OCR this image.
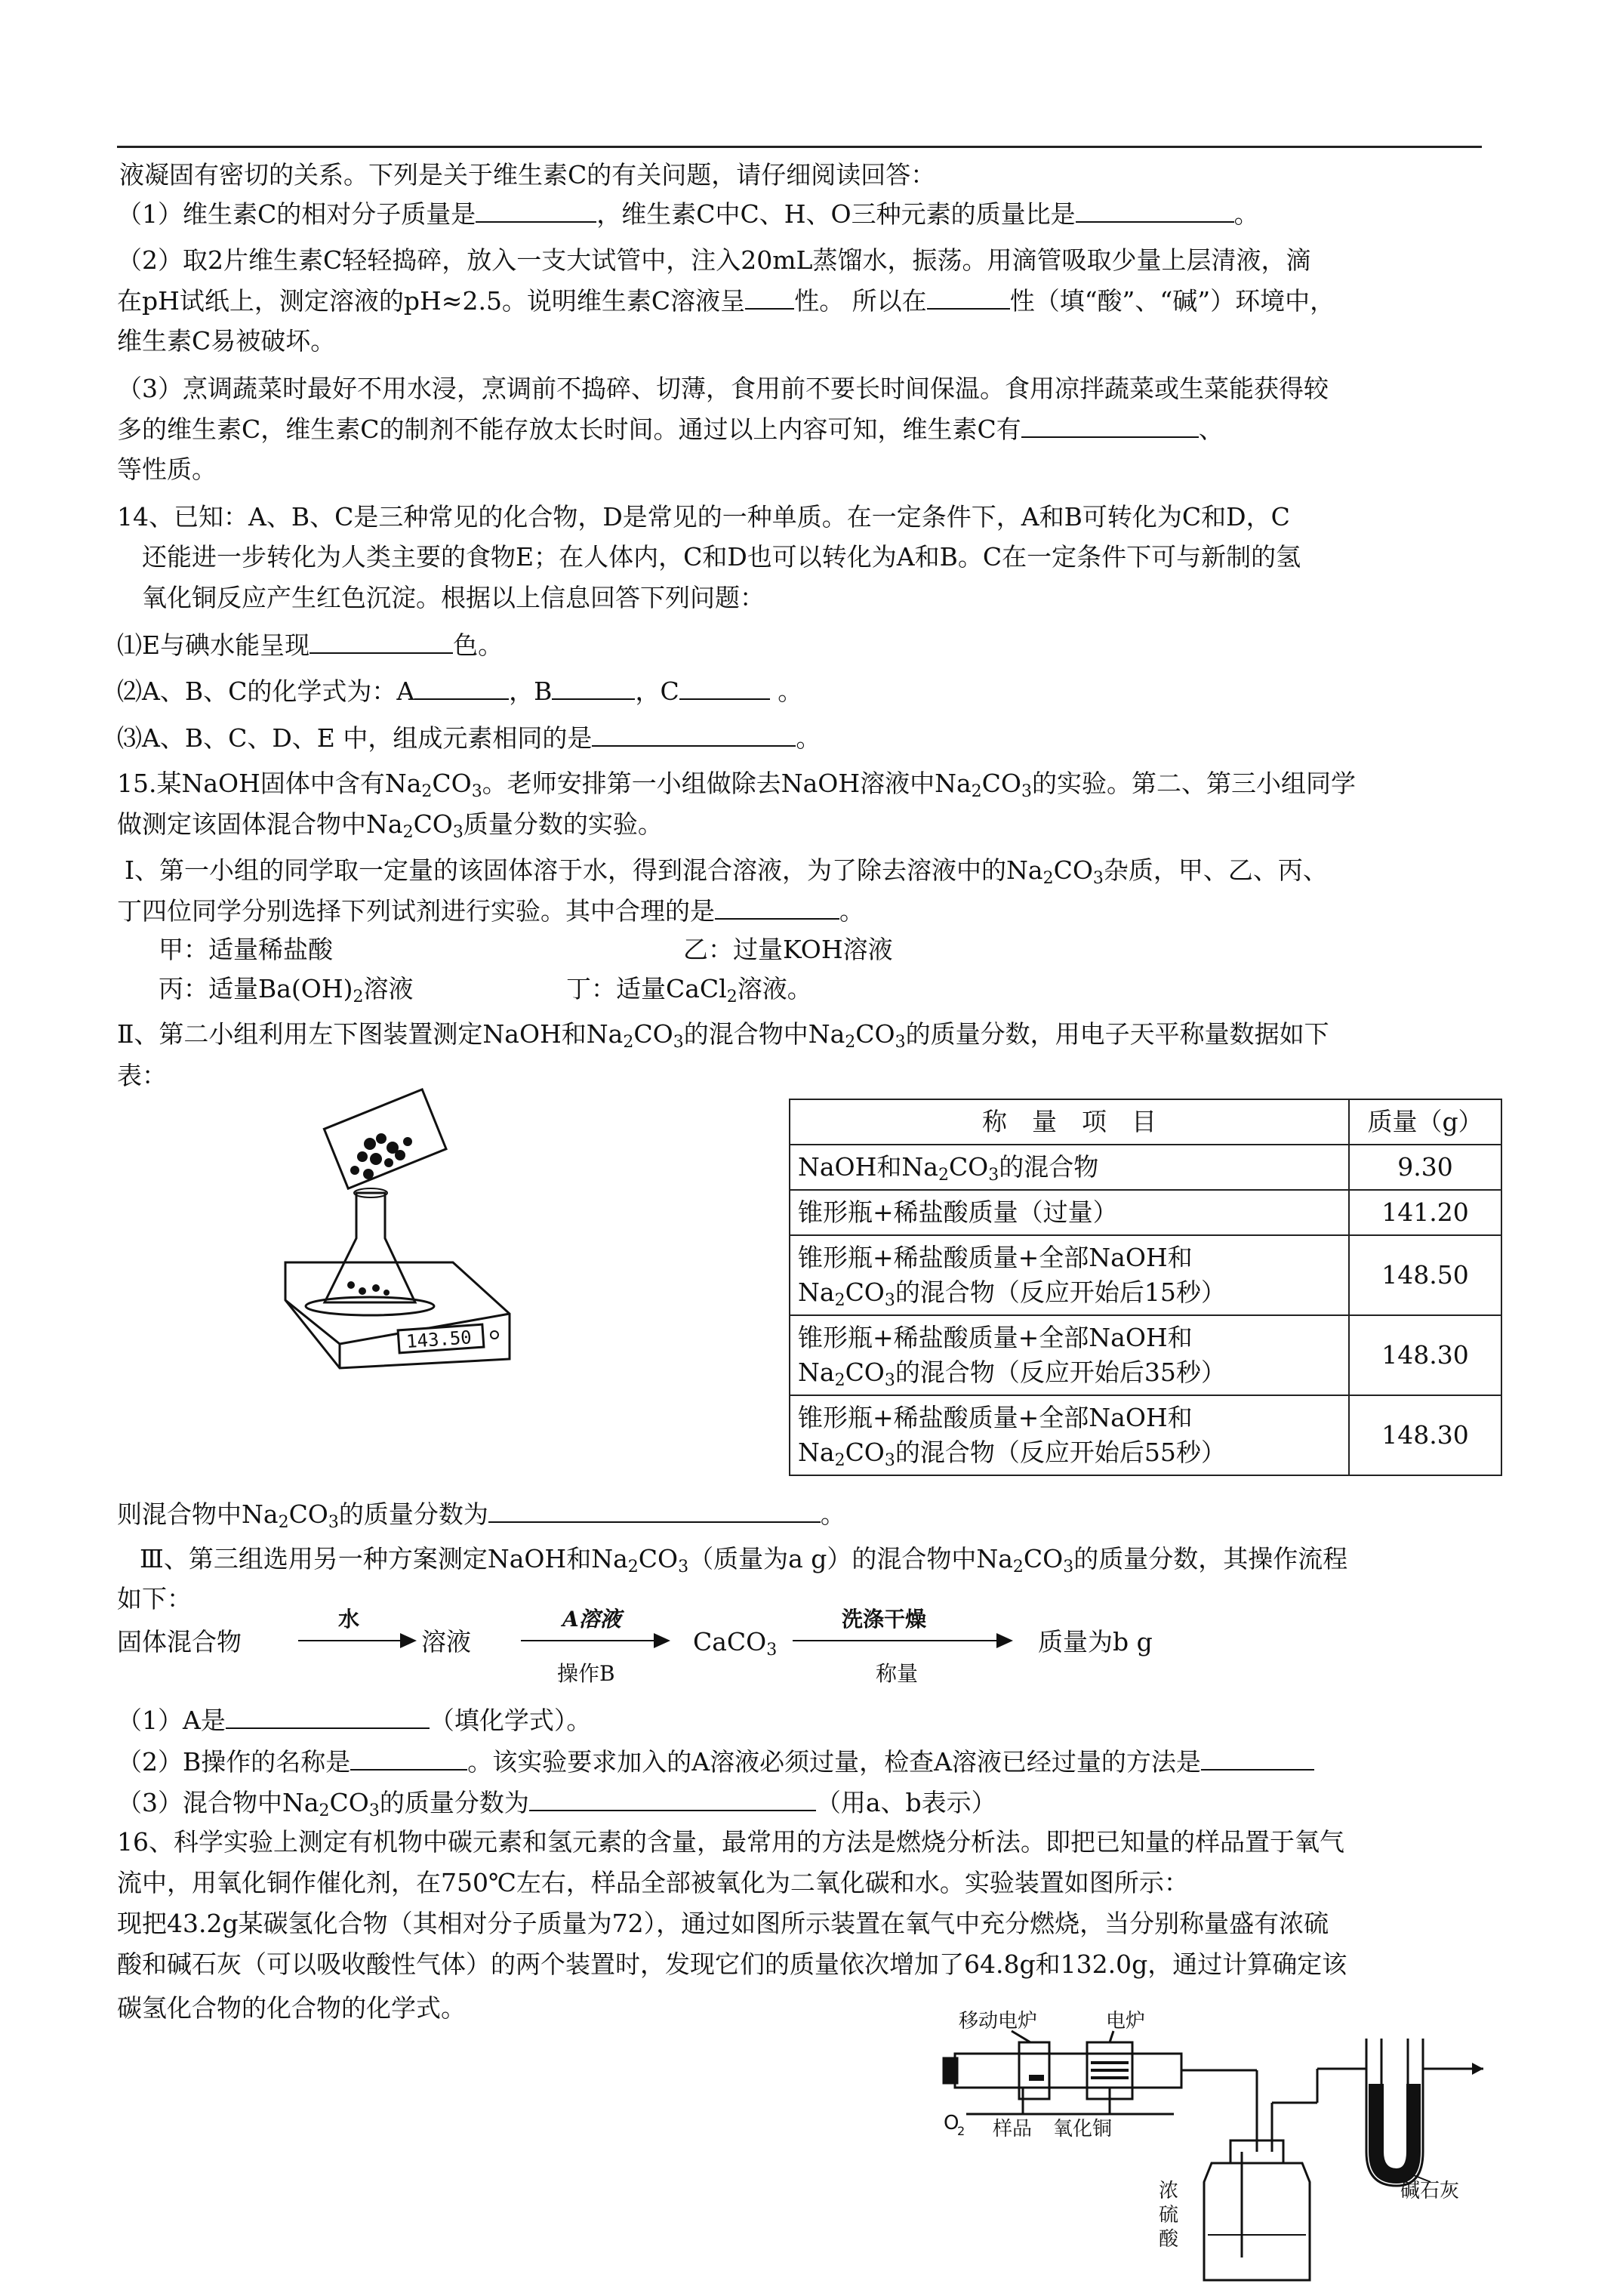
液凝固有密切的关系。下列是关于维生素C的有关问题，请仔细阅读回答：
（1）维生素C的相对分子质量是	，维生素C中C、H、O三种元素的质量比是	。
（2）取2片维生素C轻轻捣碎，放入一支大试管中，注入20mL蒸馏水，振荡。用滴管吸取少量上层清液，滴
在pH试纸上，测定溶液的pH≈2.5。说明维生素C溶液呈 性。 所以在	性（填“酸”、“碱”）环境中，
维生素C易被破坏。
（3）烹调蔬菜时最好不用水浸，烹调前不捣碎、切薄，食用前不要长时间保温。食用凉拌蔬菜或生菜能获得较
多的维生素C，维生素C的制剂不能存放太长时间。通过以上内容可知，维生素C有	、
等性质。
14、已知：A、B、C是三种常见的化合物，D是常见的一种单质。在一定条件下，A和B可转化为C和D，C
还能进一步转化为人类主要的食物E；在人体内，C和D也可以转化为A和B。C在一定条件下可与新制的氢
氧化铜反应产生红色沉淀。根据以上信息回答下列问题：
⑴E与碘水能呈现	色。
⑵A、B、C的化学式为：A	，B	，C	。
⑶A、B、C、D、E 中，组成元素相同的是	。
15.某NaOH固体中含有$Na_2CO_3$。老师安排第一小组做除去NaOH溶液中$Na_2CO_3$的实验。第二、第三小组同学
做测定该固体混合物中$Na_2CO_3$质量分数的实验。
Ⅰ、第一小组的同学取一定量的该固体溶于水，得到混合溶液，为了除去溶液中的$Na_2CO_3$杂质，甲、乙、丙、
丁四位同学分别选择下列试剂进行实验。其中合理的是	。
甲：适量稀盐酸	乙：过量KOH溶液
丙：适量$Ba(OH)_2$溶液	丁：适量CaCl$_2$溶液。
Ⅱ、第二小组利用左下图装置测定NaOH和$Na_2CO_3$的混合物中$Na_2CO_3$的质量分数，用电子天平称量数据如下
表：
143.50
称　量　项　目	质量（g）
NaOH和$Na_2CO_3$的混合物	9.30
锥形瓶+稀盐酸质量（过量）	141.20
锥形瓶+稀盐酸质量+全部NaOH和
$Na_2CO_3$的混合物（反应开始后15秒）	148.50
锥形瓶+稀盐酸质量+全部NaOH和
$Na_2CO_3$的混合物（反应开始后35秒）	148.30
锥形瓶+稀盐酸质量+全部NaOH和
$Na_2CO_3$的混合物（反应开始后55秒）	148.30
则混合物中$Na_2CO_3$的质量分数为	。
Ⅲ、第三组选用另一种方案测定NaOH和$Na_2CO_3$（质量为a g）的混合物中$Na_2CO_3$的质量分数，其操作流程
如下：
固体混合物
水
溶液
A溶液
操作B
CaCO$_3$
洗涤干燥
称量
质量为b g
（1）A是	（填化学式）。
（2）B操作的名称是	。该实验要求加入的A溶液必须过量，检查A溶液已经过量的方法是
（3）混合物中$Na_2CO_3$的质量分数为	（用a、b表示）
16、科学实验上测定有机物中碳元素和氢元素的含量，最常用的方法是燃烧分析法。即把已知量的样品置于氧气
流中，用氧化铜作催化剂，在750℃左右，样品全部被氧化为二氧化碳和水。实验装置如图所示：
现把43.2g某碳氢化合物（其相对分子质量为72），通过如图所示装置在氧气中充分燃烧，当分别称量盛有浓硫
酸和碱石灰（可以吸收酸性气体）的两个装置时，发现它们的质量依次增加了64.8g和132.0g，通过计算确定该
碳氢化合物的化合物的化学式。	移动电炉	电炉
O
2 样品 氧化铜
碱石灰
浓
硫
酸
